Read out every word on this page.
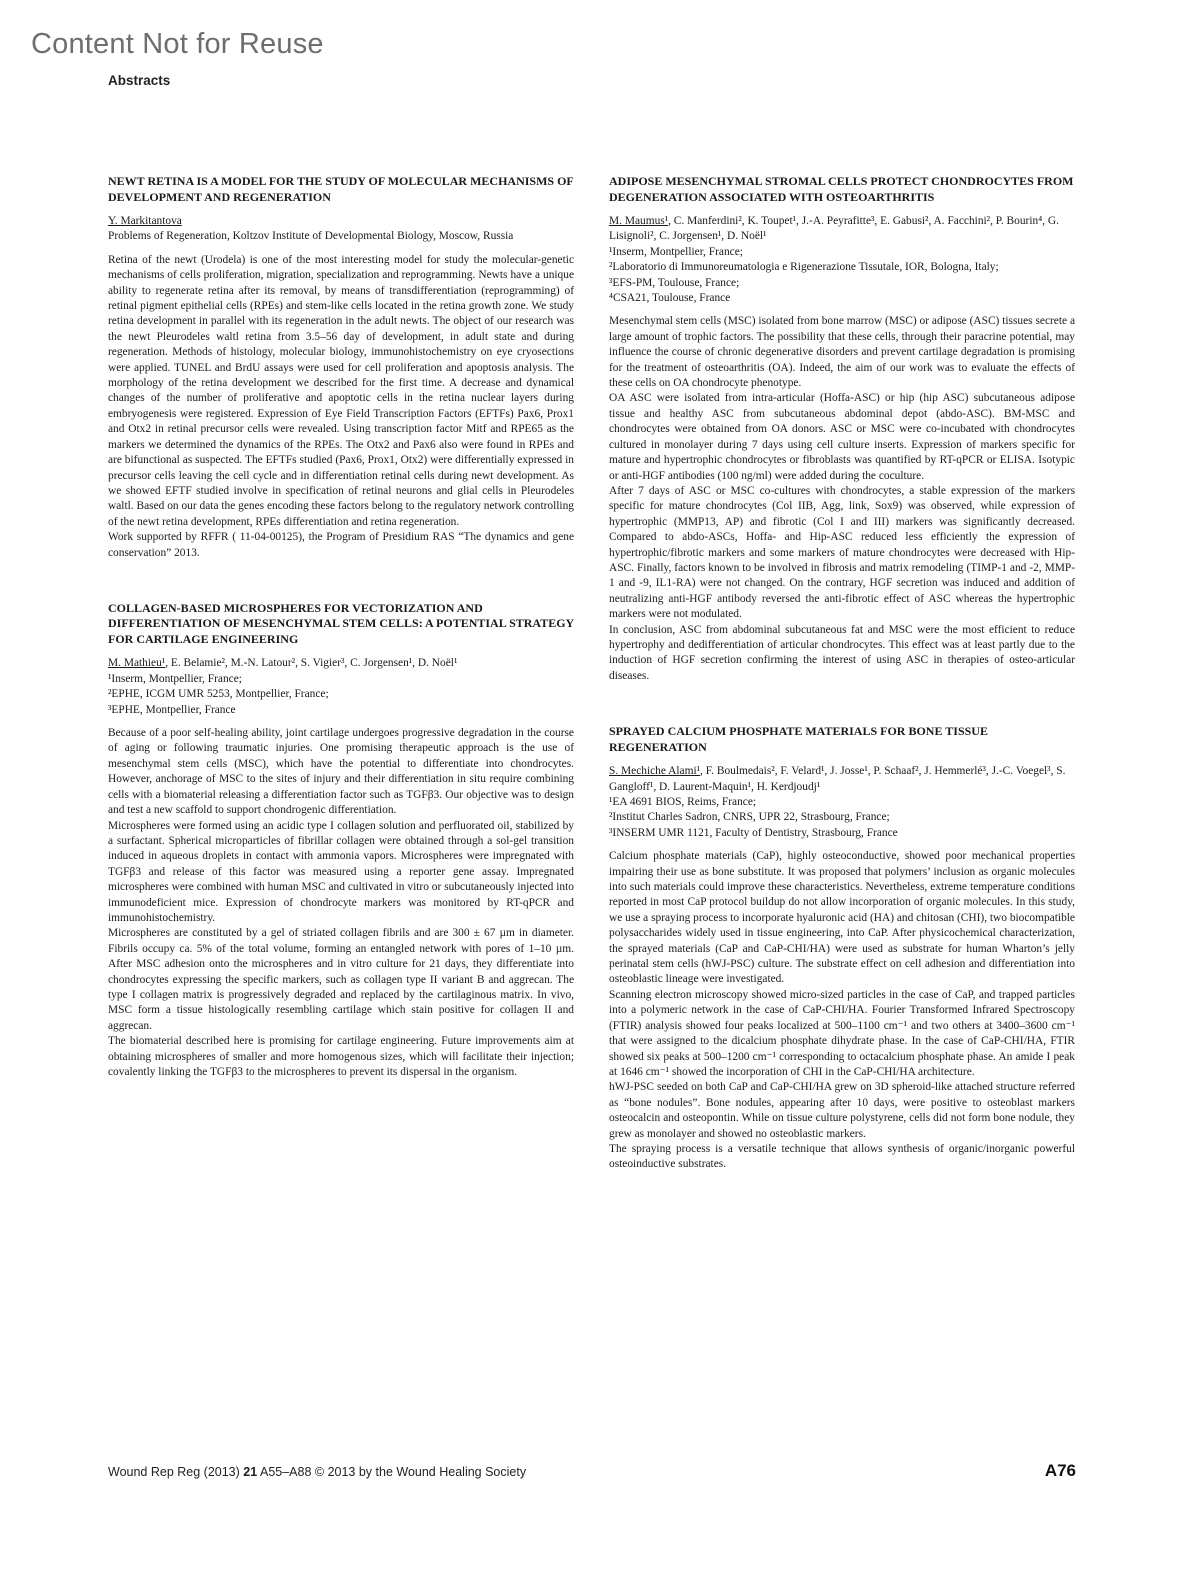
Content Not for Reuse
Abstracts
NEWT RETINA IS A MODEL FOR THE STUDY OF MOLECULAR MECHANISMS OF DEVELOPMENT AND REGENERATION
Y. Markitantova
Problems of Regeneration, Koltzov Institute of Developmental Biology, Moscow, Russia
Retina of the newt (Urodela) is one of the most interesting model for study the molecular-genetic mechanisms of cells proliferation, migration, specialization and reprogramming. Newts have a unique ability to regenerate retina after its removal, by means of transdifferentiation (reprogramming) of retinal pigment epithelial cells (RPEs) and stem-like cells located in the retina growth zone. We study retina development in parallel with its regeneration in the adult newts. The object of our research was the newt Pleurodeles waltl retina from 3.5–56 day of development, in adult state and during regeneration. Methods of histology, molecular biology, immunohistochemistry on eye cryosections were applied. TUNEL and BrdU assays were used for cell proliferation and apoptosis analysis. The morphology of the retina development we described for the first time. A decrease and dynamical changes of the number of proliferative and apoptotic cells in the retina nuclear layers during embryogenesis were registered. Expression of Eye Field Transcription Factors (EFTFs) Pax6, Prox1 and Otx2 in retinal precursor cells were revealed. Using transcription factor Mitf and RPE65 as the markers we determined the dynamics of the RPEs. The Otx2 and Pax6 also were found in RPEs and are bifunctional as suspected. The EFTFs studied (Pax6, Prox1, Otx2) were differentially expressed in precursor cells leaving the cell cycle and in differentiation retinal cells during newt development. As we showed EFTF studied involve in specification of retinal neurons and glial cells in Pleurodeles waltl. Based on our data the genes encoding these factors belong to the regulatory network controlling of the newt retina development, RPEs differentiation and retina regeneration.
Work supported by RFFR ( 11-04-00125), the Program of Presidium RAS “The dynamics and gene conservation” 2013.
COLLAGEN-BASED MICROSPHERES FOR VECTORIZATION AND DIFFERENTIATION OF MESENCHYMAL STEM CELLS: A POTENTIAL STRATEGY FOR CARTILAGE ENGINEERING
M. Mathieu¹, E. Belamie², M.-N. Latour², S. Vigier³, C. Jorgensen¹, D. Noël¹
¹Inserm, Montpellier, France;
²EPHE, ICGM UMR 5253, Montpellier, France;
³EPHE, Montpellier, France
Because of a poor self-healing ability, joint cartilage undergoes progressive degradation in the course of aging or following traumatic injuries. One promising therapeutic approach is the use of mesenchymal stem cells (MSC), which have the potential to differentiate into chondrocytes. However, anchorage of MSC to the sites of injury and their differentiation in situ require combining cells with a biomaterial releasing a differentiation factor such as TGFβ3. Our objective was to design and test a new scaffold to support chondrogenic differentiation.
Microspheres were formed using an acidic type I collagen solution and perfluorated oil, stabilized by a surfactant. Spherical microparticles of fibrillar collagen were obtained through a sol-gel transition induced in aqueous droplets in contact with ammonia vapors. Microspheres were impregnated with TGFβ3 and release of this factor was measured using a reporter gene assay. Impregnated microspheres were combined with human MSC and cultivated in vitro or subcutaneously injected into immunodeficient mice. Expression of chondrocyte markers was monitored by RT-qPCR and immunohistochemistry.
Microspheres are constituted by a gel of striated collagen fibrils and are 300 ± 67 µm in diameter. Fibrils occupy ca. 5% of the total volume, forming an entangled network with pores of 1–10 µm. After MSC adhesion onto the microspheres and in vitro culture for 21 days, they differentiate into chondrocytes expressing the specific markers, such as collagen type II variant B and aggrecan. The type I collagen matrix is progressively degraded and replaced by the cartilaginous matrix. In vivo, MSC form a tissue histologically resembling cartilage which stain positive for collagen II and aggrecan.
The biomaterial described here is promising for cartilage engineering. Future improvements aim at obtaining microspheres of smaller and more homogenous sizes, which will facilitate their injection; covalently linking the TGFβ3 to the microspheres to prevent its dispersal in the organism.
ADIPOSE MESENCHYMAL STROMAL CELLS PROTECT CHONDROCYTES FROM DEGENERATION ASSOCIATED WITH OSTEOARTHRITIS
M. Maumus¹, C. Manferdini², K. Toupet¹, J.-A. Peyrafitte³, E. Gabusi², A. Facchini², P. Bourin⁴, G. Lisignoli², C. Jorgensen¹, D. Noël¹
¹Inserm, Montpellier, France;
²Laboratorio di Immunoreumatologia e Rigenerazione Tissutale, IOR, Bologna, Italy;
³EFS-PM, Toulouse, France;
⁴CSA21, Toulouse, France
Mesenchymal stem cells (MSC) isolated from bone marrow (MSC) or adipose (ASC) tissues secrete a large amount of trophic factors. The possibility that these cells, through their paracrine potential, may influence the course of chronic degenerative disorders and prevent cartilage degradation is promising for the treatment of osteoarthritis (OA). Indeed, the aim of our work was to evaluate the effects of these cells on OA chondrocyte phenotype.
OA ASC were isolated from intra-articular (Hoffa-ASC) or hip (hip ASC) subcutaneous adipose tissue and healthy ASC from subcutaneous abdominal depot (abdo-ASC). BM-MSC and chondrocytes were obtained from OA donors. ASC or MSC were co-incubated with chondrocytes cultured in monolayer during 7 days using cell culture inserts. Expression of markers specific for mature and hypertrophic chondrocytes or fibroblasts was quantified by RT-qPCR or ELISA. Isotypic or anti-HGF antibodies (100 ng/ml) were added during the coculture.
After 7 days of ASC or MSC co-cultures with chondrocytes, a stable expression of the markers specific for mature chondrocytes (Col IIB, Agg, link, Sox9) was observed, while expression of hypertrophic (MMP13, AP) and fibrotic (Col I and III) markers was significantly decreased. Compared to abdo-ASCs, Hoffa- and Hip-ASC reduced less efficiently the expression of hypertrophic/fibrotic markers and some markers of mature chondrocytes were decreased with Hip-ASC. Finally, factors known to be involved in fibrosis and matrix remodeling (TIMP-1 and -2, MMP-1 and -9, IL1-RA) were not changed. On the contrary, HGF secretion was induced and addition of neutralizing anti-HGF antibody reversed the anti-fibrotic effect of ASC whereas the hypertrophic markers were not modulated.
In conclusion, ASC from abdominal subcutaneous fat and MSC were the most efficient to reduce hypertrophy and dedifferentiation of articular chondrocytes. This effect was at least partly due to the induction of HGF secretion confirming the interest of using ASC in therapies of osteo-articular diseases.
SPRAYED CALCIUM PHOSPHATE MATERIALS FOR BONE TISSUE REGENERATION
S. Mechiche Alami¹, F. Boulmedais², F. Velard¹, J. Josse¹, P. Schaaf², J. Hemmerlé³, J.-C. Voegel³, S. Gangloff¹, D. Laurent-Maquin¹, H. Kerdjoudj¹
¹EA 4691 BIOS, Reims, France;
²Institut Charles Sadron, CNRS, UPR 22, Strasbourg, France;
³INSERM UMR 1121, Faculty of Dentistry, Strasbourg, France
Calcium phosphate materials (CaP), highly osteoconductive, showed poor mechanical properties impairing their use as bone substitute. It was proposed that polymers’ inclusion as organic molecules into such materials could improve these characteristics. Nevertheless, extreme temperature conditions reported in most CaP protocol buildup do not allow incorporation of organic molecules. In this study, we use a spraying process to incorporate hyaluronic acid (HA) and chitosan (CHI), two biocompatible polysaccharides widely used in tissue engineering, into CaP. After physicochemical characterization, the sprayed materials (CaP and CaP-CHI/HA) were used as substrate for human Wharton’s jelly perinatal stem cells (hWJ-PSC) culture. The substrate effect on cell adhesion and differentiation into osteoblastic lineage were investigated.
Scanning electron microscopy showed micro-sized particles in the case of CaP, and trapped particles into a polymeric network in the case of CaP-CHI/HA. Fourier Transformed Infrared Spectroscopy (FTIR) analysis showed four peaks localized at 500–1100 cm⁻¹ and two others at 3400–3600 cm⁻¹ that were assigned to the dicalcium phosphate dihydrate phase. In the case of CaP-CHI/HA, FTIR showed six peaks at 500–1200 cm⁻¹ corresponding to octacalcium phosphate phase. An amide I peak at 1646 cm⁻¹ showed the incorporation of CHI in the CaP-CHI/HA architecture.
hWJ-PSC seeded on both CaP and CaP-CHI/HA grew on 3D spheroid-like attached structure referred as “bone nodules”. Bone nodules, appearing after 10 days, were positive to osteoblast markers osteocalcin and osteopontin. While on tissue culture polystyrene, cells did not form bone nodule, they grew as monolayer and showed no osteoblastic markers.
The spraying process is a versatile technique that allows synthesis of organic/inorganic powerful osteoinductive substrates.
Wound Rep Reg (2013) 21 A55–A88 © 2013 by the Wound Healing Society	A76
